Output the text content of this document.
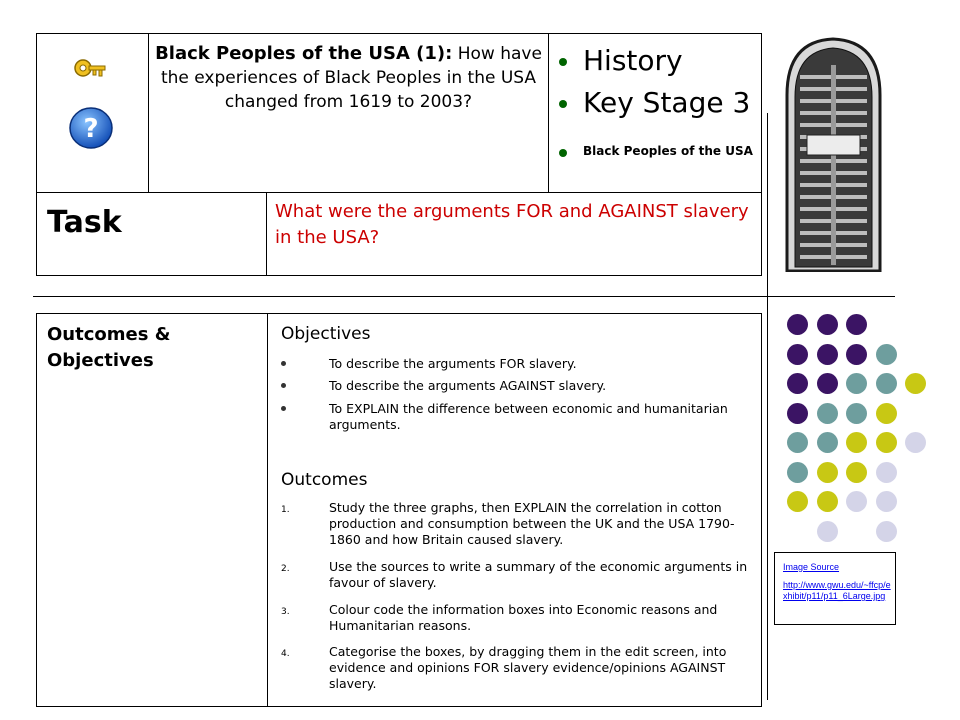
?
Black Peoples of the USA (1): How have the experiences of Black Peoples in the USA changed from 1619 to 2003?
History
Key Stage 3
Black Peoples of the USA
Task	What were the arguments FOR and AGAINST slavery in the USA?
Outcomes & Objectives
Objectives
To describe the arguments FOR slavery.
To describe the arguments AGAINST slavery.
To EXPLAIN the difference between economic and humanitarian arguments.
Outcomes
1.	Study the three graphs, then EXPLAIN the correlation in cotton production and consumption between the UK and the USA 1790-1860 and how Britain caused slavery.
2.	Use the sources to write a summary of the economic arguments in favour of slavery.
3.	Colour code the information boxes into Economic reasons and Humanitarian reasons.
4.	Categorise the boxes, by dragging them in the edit screen, into evidence and opinions FOR slavery evidence/opinions AGAINST slavery.
Image Source
http://www.gwu.edu/~ffcp/exhibit/p11/p11_6Large.jpg
